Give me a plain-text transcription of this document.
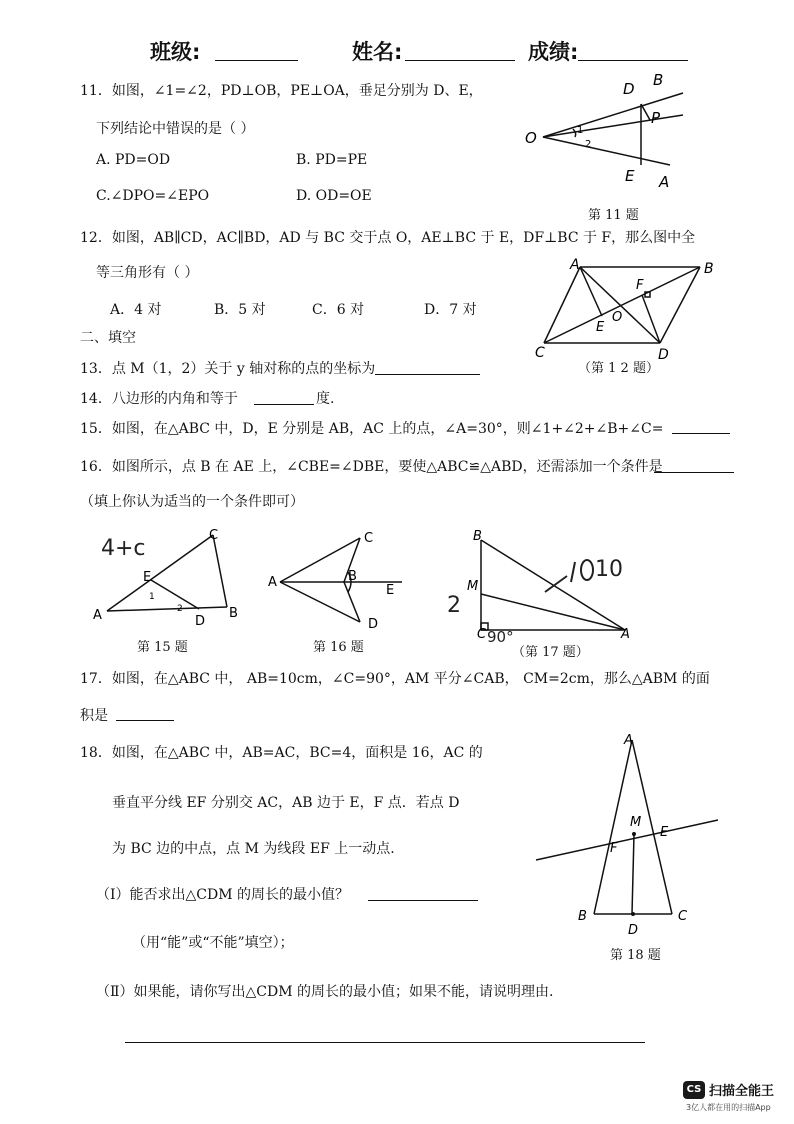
班级:	姓名:	成绩:
11．如图，∠1=∠2，PD⊥OB，PE⊥OA，垂足分别为 D、E，
下列结论中错误的是（ ）
A. PD=OD	B. PD=PE
C.∠DPO=∠EPO	D. OD=OE
O
B
D
P
E A
1
2
第 11 题
12．如图，AB∥CD，AC∥BD，AD 与 BC 交于点 O，AE⊥BC 于 E，DF⊥BC 于 F，那么图中全
等三角形有（ ）
A．4 对	B．5 对	C．6 对	D．7 对
A	B
C	D
F
O
E
（第 1 2 题）
二、填空
13．点 M（1，2）关于 y 轴对称的点的坐标为
14．八边形的内角和等于	度.
15．如图，在△ABC 中，D，E 分别是 AB，AC 上的点，∠A=30°，则∠1+∠2+∠B+∠C=
16．如图所示，点 B 在 AE 上，∠CBE=∠DBE，要使△ABC≌△ABD，还需添加一个条件是
（填上你认为适当的一个条件即可）
4+c
C
E
A	D
B
1
2
第 15 题
C
A	B
E
D
第 16 题
B
M
C	A
2
10
90°
（第 17 题）
17．如图，在△ABC 中， AB=10cm，∠C=90°，AM 平分∠CAB， CM=2cm，那么△ABM 的面
积是
18．如图，在△ABC 中，AB=AC，BC=4，面积是 16，AC 的
垂直平分线 EF 分别交 AC，AB 边于 E，F 点．若点 D
为 BC 边的中点，点 M 为线段 EF 上一动点.
（Ⅰ）能否求出△CDM 的周长的最小值？
（用“能”或“不能”填空）；
（Ⅱ）如果能，请你写出△CDM 的周长的最小值；如果不能，请说明理由.
A
M
E
F
B
D
C
第 18 题
CS 扫描全能王
3亿人都在用的扫描App
